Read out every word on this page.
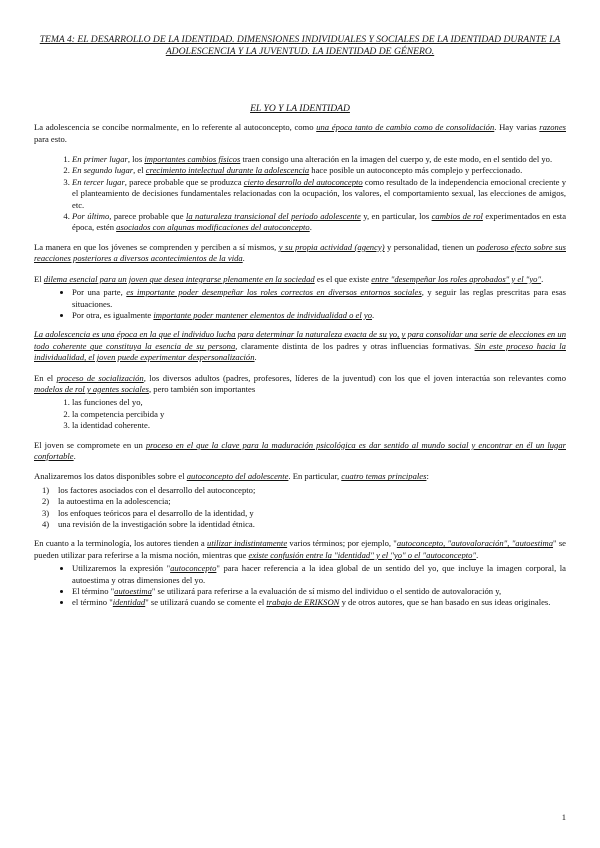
TEMA 4: EL DESARROLLO DE LA IDENTIDAD. DIMENSIONES INDIVIDUALES Y SOCIALES DE LA IDENTIDAD DURANTE LA ADOLESCENCIA Y LA JUVENTUD. LA IDENTIDAD DE GÉNERO.

EL YO Y LA IDENTIDAD

La adolescencia se concibe normalmente, en lo referente al autoconcepto, como una época tanto de cambio como de consolidación. Hay varias razones para esto.

1. En primer lugar, los importantes cambios físicos traen consigo una alteración en la imagen del cuerpo y, de este modo, en el sentido del yo.
2. En segundo lugar, el crecimiento intelectual durante la adolescencia hace posible un autoconcepto más complejo y perfeccionado.
3. En tercer lugar, parece probable que se produzca cierto desarrollo del autoconcepto como resultado de la independencia emocional creciente y el planteamiento de decisiones fundamentales relacionadas con la ocupación, los valores, el comportamiento sexual, las elecciones de amigos, etc.
4. Por último, parece probable que la naturaleza transicional del periodo adolescente y, en particular, los cambios de rol experimentados en esta época, estén asociados con algunas modificaciones del autoconcepto.

La manera en que los jóvenes se comprenden y perciben a sí mismos, y su propia actividad (agency) y personalidad, tienen un poderoso efecto sobre sus reacciones posteriores a diversos acontecimientos de la vida.

El dilema esencial para un joven que desea integrarse plenamente en la sociedad es el que existe entre "desempeñar los roles aprobados" y el "yo".

• Por una parte, es importante poder desempeñar los roles correctos en diversos entornos sociales, y seguir las reglas prescritas para esas situaciones.
• Por otra, es igualmente importante poder mantener elementos de individualidad o el yo.

La adolescencia es una época en la que el individuo lucha para determinar la naturaleza exacta de su yo, y para consolidar una serie de elecciones en un todo coherente que constituya la esencia de su persona, claramente distinta de los padres y otras influencias formativas. Sin este proceso hacia la individualidad, el joven puede experimentar despersonalización.

En el proceso de socialización, los diversos adultos (padres, profesores, líderes de la juventud) con los que el joven interactúa son relevantes como modelos de rol y agentes sociales, pero también son importantes

1. las funciones del yo,
2. la competencia percibida y
3. la identidad coherente.

El joven se compromete en un proceso en el que la clave para la maduración psicológica es dar sentido al mundo social y encontrar en él un lugar confortable.

Analizaremos los datos disponibles sobre el autoconcepto del adolescente. En particular, cuatro temas principales:

1) los factores asociados con el desarrollo del autoconcepto;
2) la autoestima en la adolescencia;
3) los enfoques teóricos para el desarrollo de la identidad, y
4) una revisión de la investigación sobre la identidad étnica.

En cuanto a la terminología, los autores tienden a utilizar indistintamente varios términos; por ejemplo, "autoconcepto, "autovaloración", "autoestima" se pueden utilizar para referirse a la misma noción, mientras que existe confusión entre la "identidad" y el "yo" o el "autoconcepto".

• Utilizaremos la expresión "autoconcepto" para hacer referencia a la idea global de un sentido del yo, que incluye la imagen corporal, la autoestima y otras dimensiones del yo.
• El término "autoestima" se utilizará para referirse a la evaluación de sí mismo del individuo o el sentido de autovaloración y,
• el término "identidad" se utilizará cuando se comente el trabajo de ERIKSON y de otros autores, que se han basado en sus ideas originales.
1
